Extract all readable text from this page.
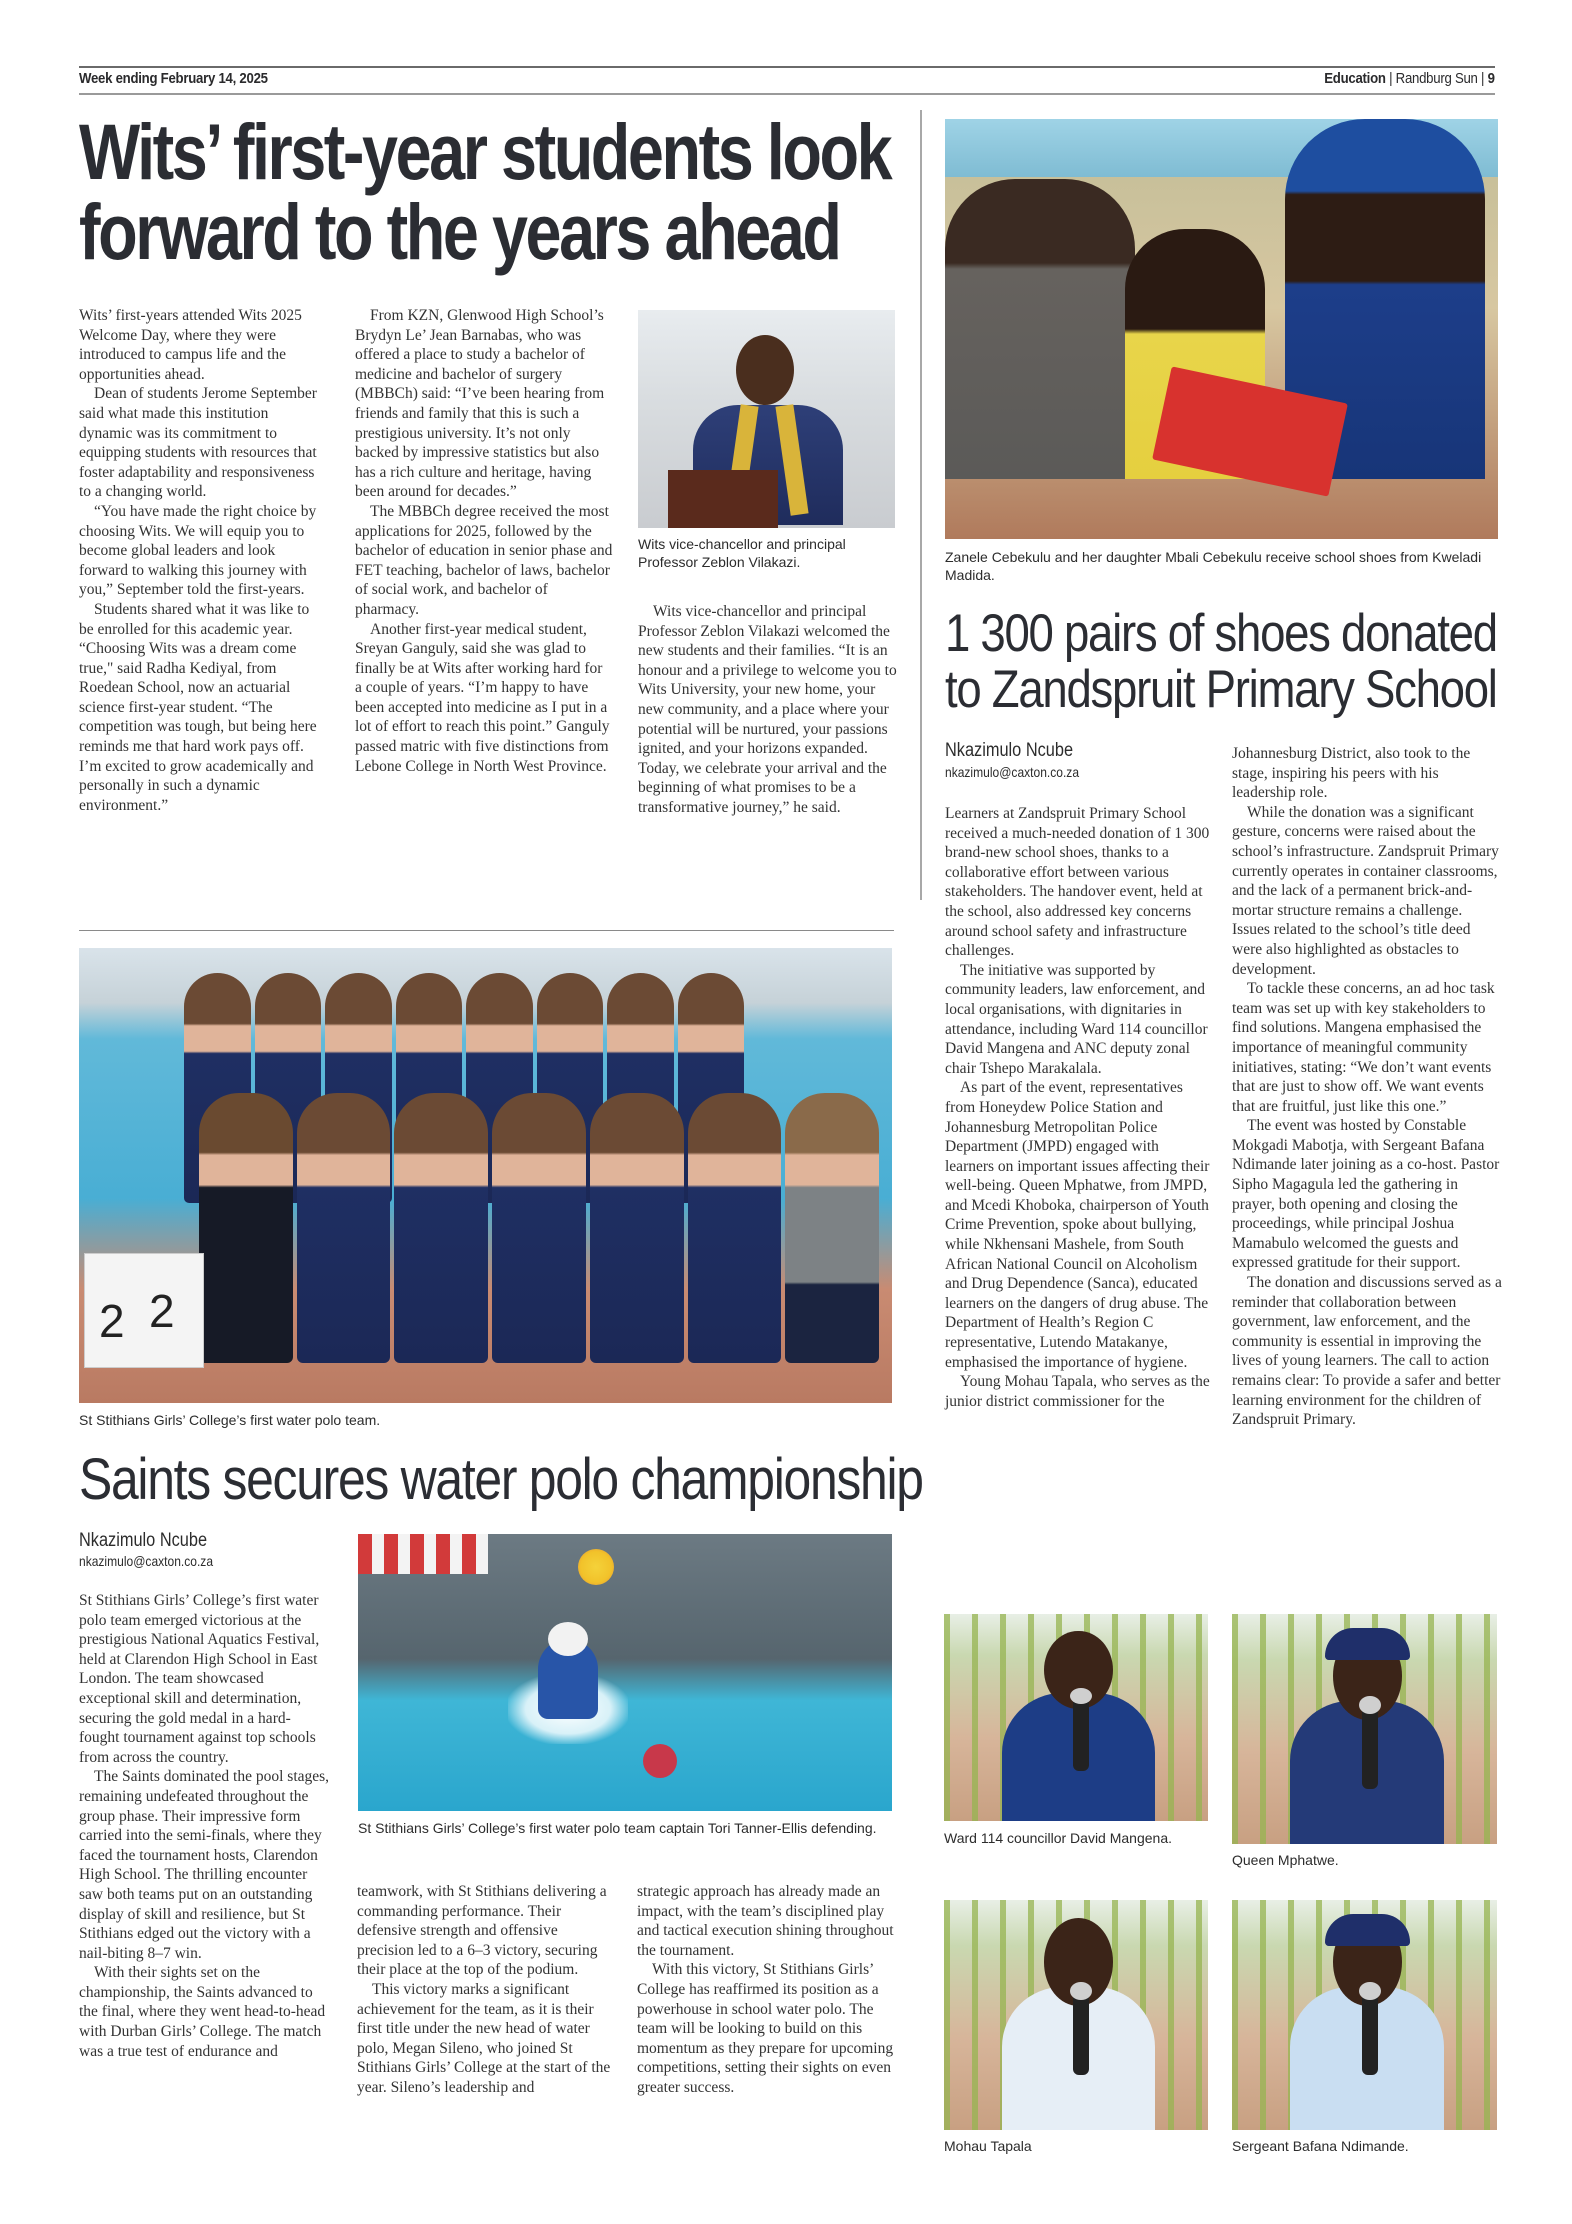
Week ending February 14, 2025	Education | Randburg Sun | 9
Wits’ first-year students look
forward to the years ahead

Wits’ first-years attended Wits 2025 Welcome Day, where they were introduced to campus life and the opportunities ahead.

Dean of students Jerome September said what made this institution dynamic was its commitment to equipping students with resources that foster adaptability and responsiveness to a changing world.

“You have made the right choice by choosing Wits. We will equip you to become global leaders and look forward to walking this journey with you,” September told the first-years.

Students shared what it was like to be enrolled for this academic year. “Choosing Wits was a dream come true," said Radha Kediyal, from Roedean School, now an actuarial science first-year student. “The competition was tough, but being here reminds me that hard work pays off. I’m excited to grow academically and personally in such a dynamic environment.”

From KZN, Glenwood High School’s Brydyn Le’ Jean Barnabas, who was offered a place to study a bachelor of medicine and bachelor of surgery (MBBCh) said: “I’ve been hearing from friends and family that this is such a prestigious university. It’s not only backed by impressive statistics but also has a rich culture and heritage, having been around for decades.”

The MBBCh degree received the most applications for 2025, followed by the bachelor of education in senior phase and FET teaching, bachelor of laws, bachelor of social work, and bachelor of pharmacy.

Another first-year medical student, Sreyan Ganguly, said she was glad to finally be at Wits after working hard for a couple of years. “I’m happy to have been accepted into medicine as I put in a lot of effort to reach this point.” Ganguly passed matric with five distinctions from Lebone College in North West Province.

Wits vice-chancellor and principal Professor Zeblon Vilakazi.

Wits vice-chancellor and principal Professor Zeblon Vilakazi welcomed the new students and their families. “It is an honour and a privilege to welcome you to Wits University, your new home, your new community, and a place where your potential will be nurtured, your passions ignited, and your horizons expanded. Today, we celebrate your arrival and the beginning of what promises to be a transformative journey,” he said.

Zanele Cebekulu and her daughter Mbali Cebekulu receive school shoes from Kweladi Madida.
1 300 pairs of shoes donated
to Zandspruit Primary School
Nkazimulo Ncube
nkazimulo@caxton.co.za

Learners at Zandspruit Primary School received a much-needed donation of 1 300 brand-new school shoes, thanks to a collaborative effort between various stakeholders. The handover event, held at the school, also addressed key concerns around school safety and infrastructure challenges.

The initiative was supported by community leaders, law enforcement, and local organisations, with dignitaries in attendance, including Ward 114 councillor David Mangena and ANC deputy zonal chair Tshepo Marakalala.

As part of the event, representatives from Honeydew Police Station and Johannesburg Metropolitan Police Department (JMPD) engaged with learners on important issues affecting their well-being. Queen Mphatwe, from JMPD, and Mcedi Khoboka, chairperson of Youth Crime Prevention, spoke about bullying, while Nkhensani Mashele, from South African National Council on Alcoholism and Drug Dependence (Sanca), educated learners on the dangers of drug abuse. The Department of Health’s Region C representative, Lutendo Matakanye, emphasised the importance of hygiene.

Young Mohau Tapala, who serves as the junior district commissioner for the

Johannesburg District, also took to the stage, inspiring his peers with his leadership role.

While the donation was a significant gesture, concerns were raised about the school’s infrastructure. Zandspruit Primary currently operates in container classrooms, and the lack of a permanent brick-and-mortar structure remains a challenge. Issues related to the school’s title deed were also highlighted as obstacles to development.

To tackle these concerns, an ad hoc task team was set up with key stakeholders to find solutions. Mangena emphasised the importance of meaningful community initiatives, stating: “We don’t want events that are just to show off. We want events that are fruitful, just like this one.”

The event was hosted by Constable Mokgadi Mabotja, with Sergeant Bafana Ndimande later joining as a co-host. Pastor Sipho Magagula led the gathering in prayer, both opening and closing the proceedings, while principal Joshua Mamabulo welcomed the guests and expressed gratitude for their support.

The donation and discussions served as a reminder that collaboration between government, law enforcement, and the community is essential in improving the lives of young learners. The call to action remains clear: To provide a safer and better learning environment for the children of Zandspruit Primary.

Ward 114 councillor David Mangena.
Queen Mphatwe.
Mohau Tapala	Sergeant Bafana Ndimande.
2 2
St Stithians Girls’ College’s first water polo team.
Saints secures water polo championship
Nkazimulo Ncube
nkazimulo@caxton.co.za
St Stithians Girls’ College’s first water polo team captain Tori Tanner-Ellis defending.

St Stithians Girls’ College’s first water polo team emerged victorious at the prestigious National Aquatics Festival, held at Clarendon High School in East London. The team showcased exceptional skill and determination, securing the gold medal in a hard-fought tournament against top schools from across the country.

The Saints dominated the pool stages, remaining undefeated throughout the group phase. Their impressive form carried into the semi-finals, where they faced the tournament hosts, Clarendon High School. The thrilling encounter saw both teams put on an outstanding display of skill and resilience, but St Stithians edged out the victory with a nail-biting 8–7 win.

With their sights set on the championship, the Saints advanced to the final, where they went head-to-head with Durban Girls’ College. The match was a true test of endurance and

teamwork, with St Stithians delivering a commanding performance. Their defensive strength and offensive precision led to a 6–3 victory, securing their place at the top of the podium.

This victory marks a significant achievement for the team, as it is their first title under the new head of water polo, Megan Sileno, who joined St Stithians Girls’ College at the start of the year. Sileno’s leadership and

strategic approach has already made an impact, with the team’s disciplined play and tactical execution shining throughout the tournament.

With this victory, St Stithians Girls’ College has reaffirmed its position as a powerhouse in school water polo. The team will be looking to build on this momentum as they prepare for upcoming competitions, setting their sights on even greater success.
